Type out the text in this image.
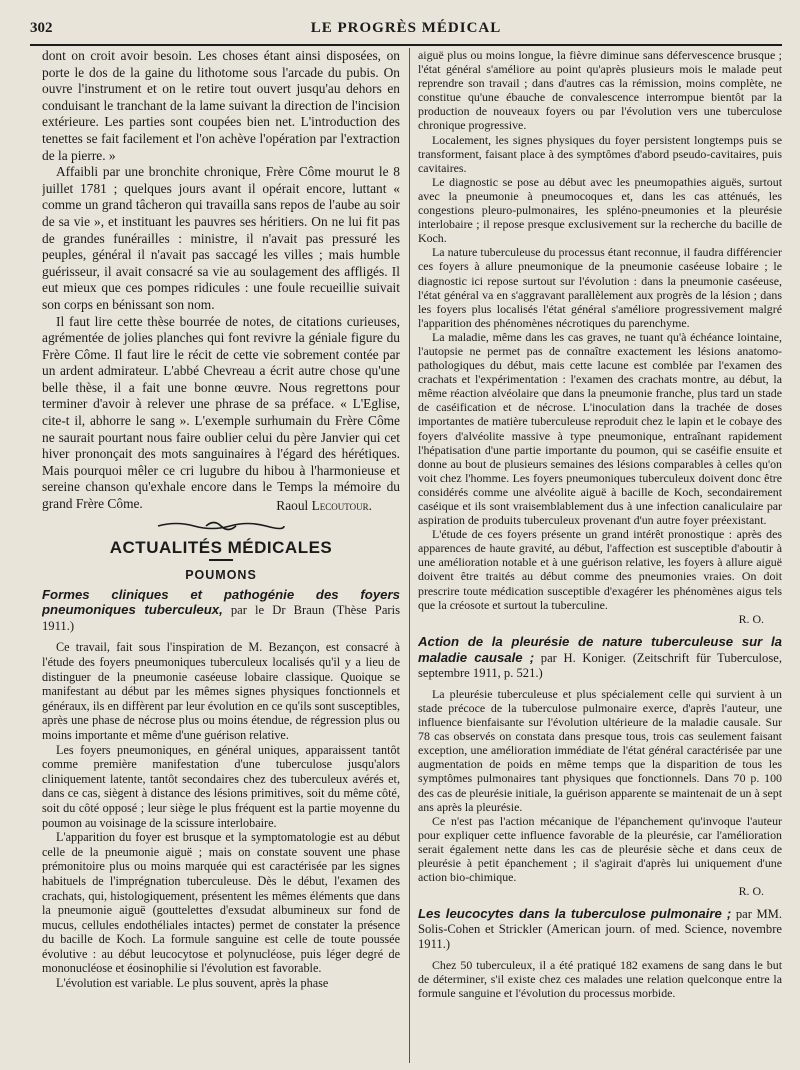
302	LE PROGRÈS MÉDICAL

dont on croit avoir besoin. Les choses étant ainsi disposées, on porte le dos de la gaine du lithotome sous l'arcade du pubis. On ouvre l'instrument et on le retire tout ouvert jusqu'au dehors en conduisant le tranchant de la lame suivant la direction de l'incision extérieure. Les parties sont coupées bien net. L'introduction des tenettes se fait facilement et l'on achève l'opération par l'extraction de la pierre. »

Affaibli par une bronchite chronique, Frère Côme mourut le 8 juillet 1781 ; quelques jours avant il opérait encore, luttant « comme un grand tâcheron qui travailla sans repos de l'aube au soir de sa vie », et instituant les pauvres ses héritiers. On ne lui fit pas de grandes funérailles : ministre, il n'avait pas pressuré les peuples, général il n'avait pas saccagé les villes ; mais humble guérisseur, il avait consacré sa vie au soulagement des affligés. Il eut mieux que ces pompes ridicules : une foule recueillie suivait son corps en bénissant son nom.

Il faut lire cette thèse bourrée de notes, de citations curieuses, agrémentée de jolies planches qui font revivre la géniale figure du Frère Côme. Il faut lire le récit de cette vie sobrement contée par un ardent admirateur. L'abbé Chevreau a écrit autre chose qu'une belle thèse, il a fait une bonne œuvre. Nous regrettons pour terminer d'avoir à relever une phrase de sa préface. « L'Eglise, cite-t il, abhorre le sang ». L'exemple surhumain du Frère Côme ne saurait pourtant nous faire oublier celui du père Janvier qui cet hiver prononçait des mots sanguinaires à l'égard des hérétiques. Mais pourquoi mêler ce cri lugubre du hibou à l'harmonieuse et sereine chanson qu'exhale encore dans le Temps la mémoire du grand Frère Côme.	Raoul Lecoutour.
ACTUALITÉS MÉDICALES
POUMONS
Formes cliniques et pathogénie des foyers pneumoniques tuberculeux, par le Dr Braun (Thèse Paris 1911.)

Ce travail, fait sous l'inspiration de M. Bezançon, est consacré à l'étude des foyers pneumoniques tuberculeux localisés qu'il y a lieu de distinguer de la pneumonie caséeuse lobaire classique. Quoique se manifestant au début par les mêmes signes physiques fonctionnels et généraux, ils en diffèrent par leur évolution en ce qu'ils sont susceptibles, après une phase de nécrose plus ou moins étendue, de régression plus ou moins importante et même d'une guérison relative.

Les foyers pneumoniques, en général uniques, apparaissent tantôt comme première manifestation d'une tuberculose jusqu'alors cliniquement latente, tantôt secondaires chez des tuberculeux avérés et, dans ce cas, siègent à distance des lésions primitives, soit du même côté, soit du côté opposé ; leur siège le plus fréquent est la partie moyenne du poumon au voisinage de la scissure interlobaire.

L'apparition du foyer est brusque et la symptomatologie est au début celle de la pneumonie aiguë ; mais on constate souvent une phase prémonitoire plus ou moins marquée qui est caractérisée par les signes habituels de l'imprégnation tuberculeuse. Dès le début, l'examen des crachats, qui, histologiquement, présentent les mêmes éléments que dans la pneumonie aiguë (gouttelettes d'exsudat albumineux sur fond de mucus, cellules endothéliales intactes) permet de constater la présence du bacille de Koch. La formule sanguine est celle de toute poussée évolutive : au début leucocytose et polynucléose, puis léger degré de mononucléose et éosinophilie si l'évolution est favorable.

L'évolution est variable. Le plus souvent, après la phase

aiguë plus ou moins longue, la fièvre diminue sans défervescence brusque ; l'état général s'améliore au point qu'après plusieurs mois le malade peut reprendre son travail ; dans d'autres cas la rémission, moins complète, ne constitue qu'une ébauche de convalescence interrompue bientôt par la production de nouveaux foyers ou par l'évolution vers une tuberculose chronique progressive.

Localement, les signes physiques du foyer persistent longtemps puis se transforment, faisant place à des symptômes d'abord pseudo-cavitaires, puis cavitaires.

Le diagnostic se pose au début avec les pneumopathies aiguës, surtout avec la pneumonie à pneumocoques et, dans les cas atténués, les congestions pleuro-pulmonaires, les spléno-pneumonies et la pleurésie interlobaire ; il repose presque exclusivement sur la recherche du bacille de Koch.

La nature tuberculeuse du processus étant reconnue, il faudra différencier ces foyers à allure pneumonique de la pneumonie caséeuse lobaire ; le diagnostic ici repose surtout sur l'évolution : dans la pneumonie caséeuse, l'état général va en s'aggravant parallèlement aux progrès de la lésion ; dans les foyers plus localisés l'état général s'améliore progressivement malgré l'apparition des phénomènes nécrotiques du parenchyme.

La maladie, même dans les cas graves, ne tuant qu'à échéance lointaine, l'autopsie ne permet pas de connaître exactement les lésions anatomo-pathologiques du début, mais cette lacune est comblée par l'examen des crachats et l'expérimentation : l'examen des crachats montre, au début, la même réaction alvéolaire que dans la pneumonie franche, plus tard un stade de caséification et de nécrose. L'inoculation dans la trachée de doses importantes de matière tuberculeuse reproduit chez le lapin et le cobaye des foyers d'alvéolite massive à type pneumonique, entraînant rapidement l'hépatisation d'une partie importante du poumon, qui se caséifie ensuite et donne au bout de plusieurs semaines des lésions comparables à celles qu'on voit chez l'homme. Les foyers pneumoniques tuberculeux doivent donc être considérés comme une alvéolite aiguë à bacille de Koch, secondairement caséique et ils sont vraisemblablement dus à une infection canaliculaire par aspiration de produits tuberculeux provenant d'un autre foyer préexistant.

L'étude de ces foyers présente un grand intérêt pronostique : après des apparences de haute gravité, au début, l'affection est susceptible d'aboutir à une amélioration notable et à une guérison relative, les foyers à allure aiguë doivent être traités au début comme des pneumonies vraies. On doit prescrire toute médication susceptible d'exagérer les phénomènes aigus tels que la créosote et surtout la tuberculine.

R. O.
Action de la pleurésie de nature tuberculeuse sur la maladie causale ; par H. Koniger. (Zeitschrift für Tuberculose, septembre 1911, p. 521.)

La pleurésie tuberculeuse et plus spécialement celle qui survient à un stade précoce de la tuberculose pulmonaire exerce, d'après l'auteur, une influence bienfaisante sur l'évolution ultérieure de la maladie causale. Sur 78 cas observés on constata dans presque tous, trois cas seulement faisant exception, une amélioration immédiate de l'état général caractérisée par une augmentation de poids en même temps que la disparition de tous les symptômes pulmonaires tant physiques que fonctionnels. Dans 70 p. 100 des cas de pleurésie initiale, la guérison apparente se maintenait de un à sept ans après la pleurésie.

Ce n'est pas l'action mécanique de l'épanchement qu'invoque l'auteur pour expliquer cette influence favorable de la pleurésie, car l'amélioration serait également nette dans les cas de pleurésie sèche et dans ceux de pleurésie à petit épanchement ; il s'agirait d'après lui uniquement d'une action bio-chimique.

R. O.
Les leucocytes dans la tuberculose pulmonaire ; par MM. Solis-Cohen et Strickler (American journ. of med. Science, novembre 1911.)

Chez 50 tuberculeux, il a été pratiqué 182 examens de sang dans le but de déterminer, s'il existe chez ces malades une relation quelconque entre la formule sanguine et l'évolution du processus morbide.
